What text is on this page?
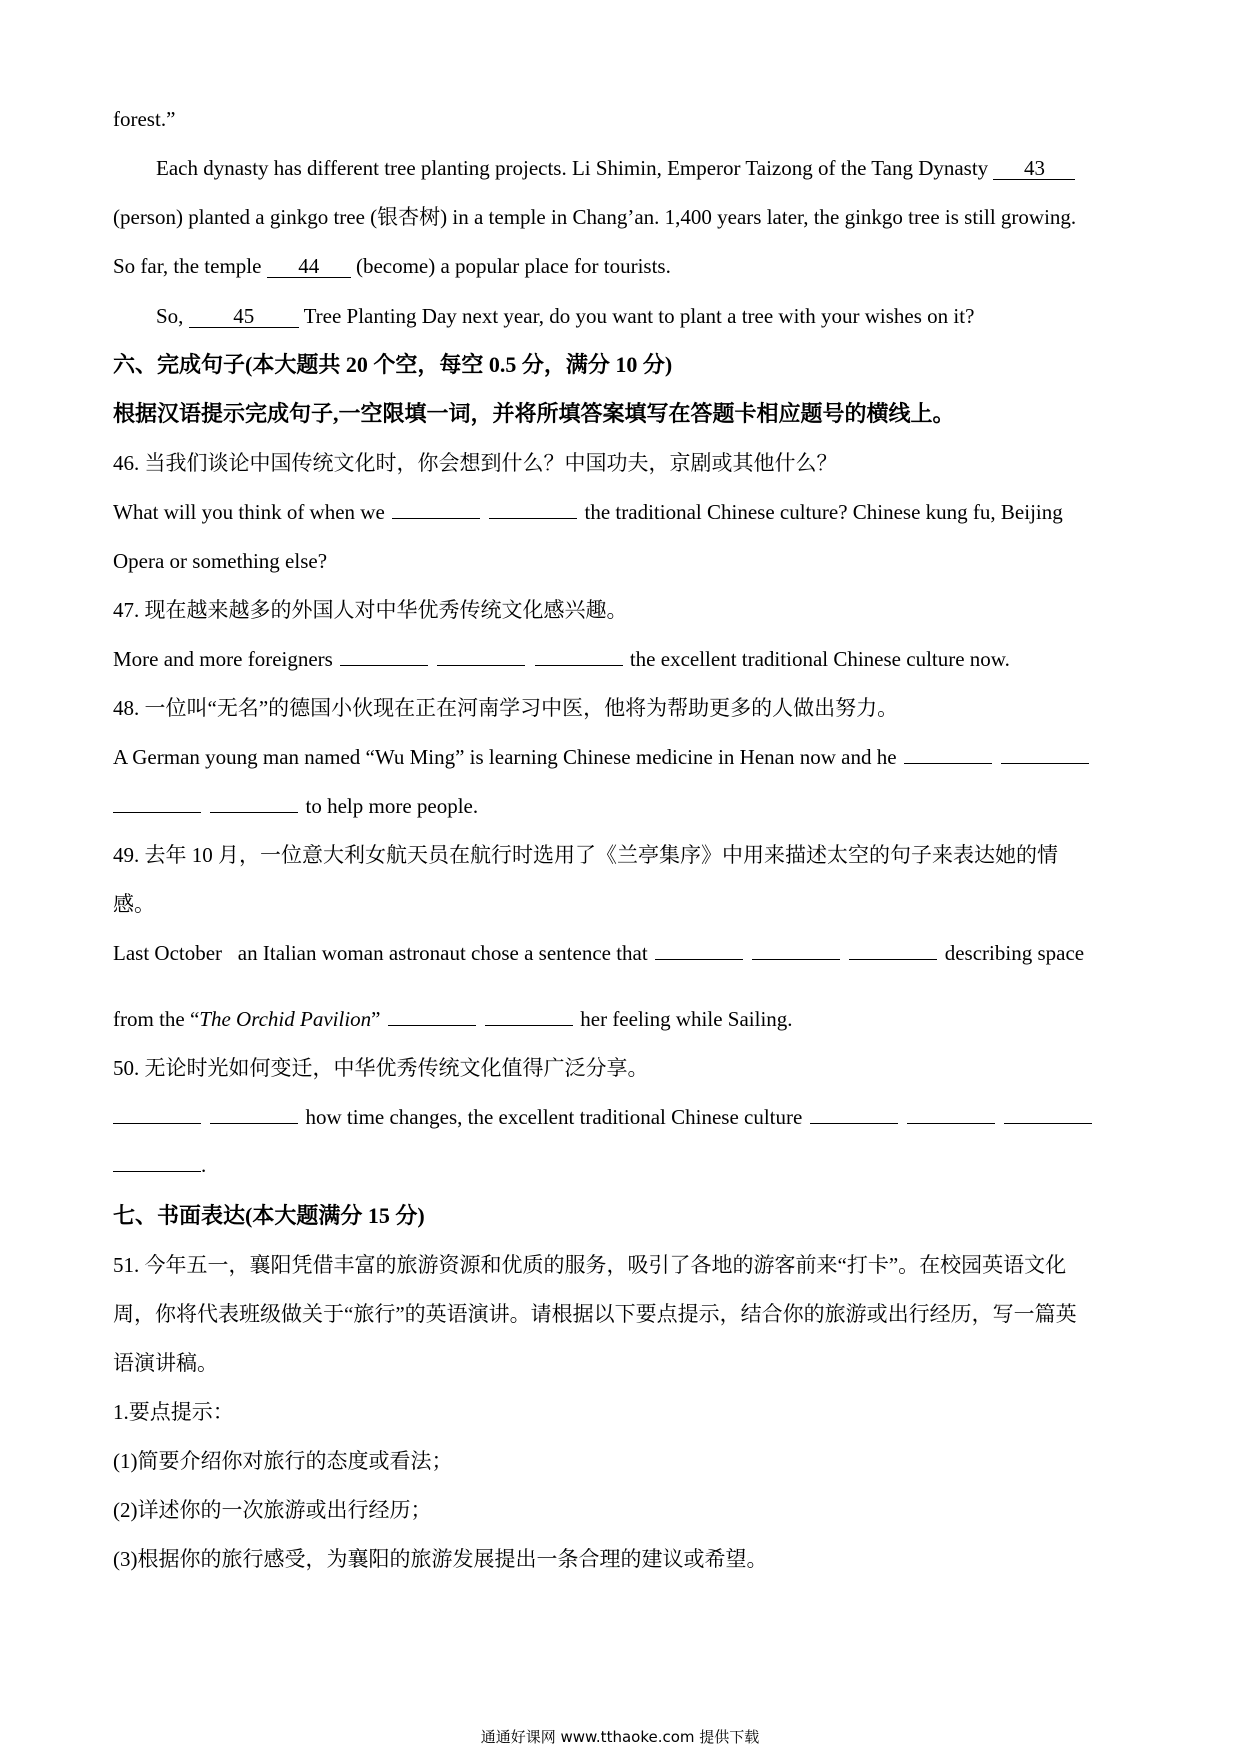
forest.”
Each dynasty has different tree planting projects. Li Shimin, Emperor Taizong of the Tang Dynasty 43
(person) planted a ginkgo tree (银杏树) in a temple in Chang’an. 1,400 years later, the ginkgo tree is still growing.
So far, the temple 44 (become) a popular place for tourists.
So, 45 Tree Planting Day next year, do you want to plant a tree with your wishes on it?
六、完成句子(本大题共 20 个空，每空 0.5 分，满分 10 分)
根据汉语提示完成句子,一空限填一词，并将所填答案填写在答题卡相应题号的横线上。
46. 当我们谈论中国传统文化时，你会想到什么？中国功夫，京剧或其他什么？
What will you think of when we	the traditional Chinese culture? Chinese kung fu, Beijing
Opera or something else?
47. 现在越来越多的外国人对中华优秀传统文化感兴趣。
More and more foreigners	the excellent traditional Chinese culture now.
48. 一位叫“无名”的德国小伙现在正在河南学习中医，他将为帮助更多的人做出努力。
A German young man named “Wu Ming” is learning Chinese medicine in Henan now and he
to help more people.
49. 去年 10 月，一位意大利女航天员在航行时选用了《兰亭集序》中用来描述太空的句子来表达她的情
感。
Last October   an Italian woman astronaut chose a sentence that	describing space
from the “The Orchid Pavilion”	her feeling while Sailing.
50. 无论时光如何变迁，中华优秀传统文化值得广泛分享。
how time changes, the excellent traditional Chinese culture
.
七、书面表达(本大题满分 15 分)
51. 今年五一，襄阳凭借丰富的旅游资源和优质的服务，吸引了各地的游客前来“打卡”。在校园英语文化
周，你将代表班级做关于“旅行”的英语演讲。请根据以下要点提示，结合你的旅游或出行经历，写一篇英
语演讲稿。
1.要点提示：
(1)简要介绍你对旅行的态度或看法；
(2)详述你的一次旅游或出行经历；
(3)根据你的旅行感受，为襄阳的旅游发展提出一条合理的建议或希望。
通通好课网 www.tthaoke.com 提供下载
